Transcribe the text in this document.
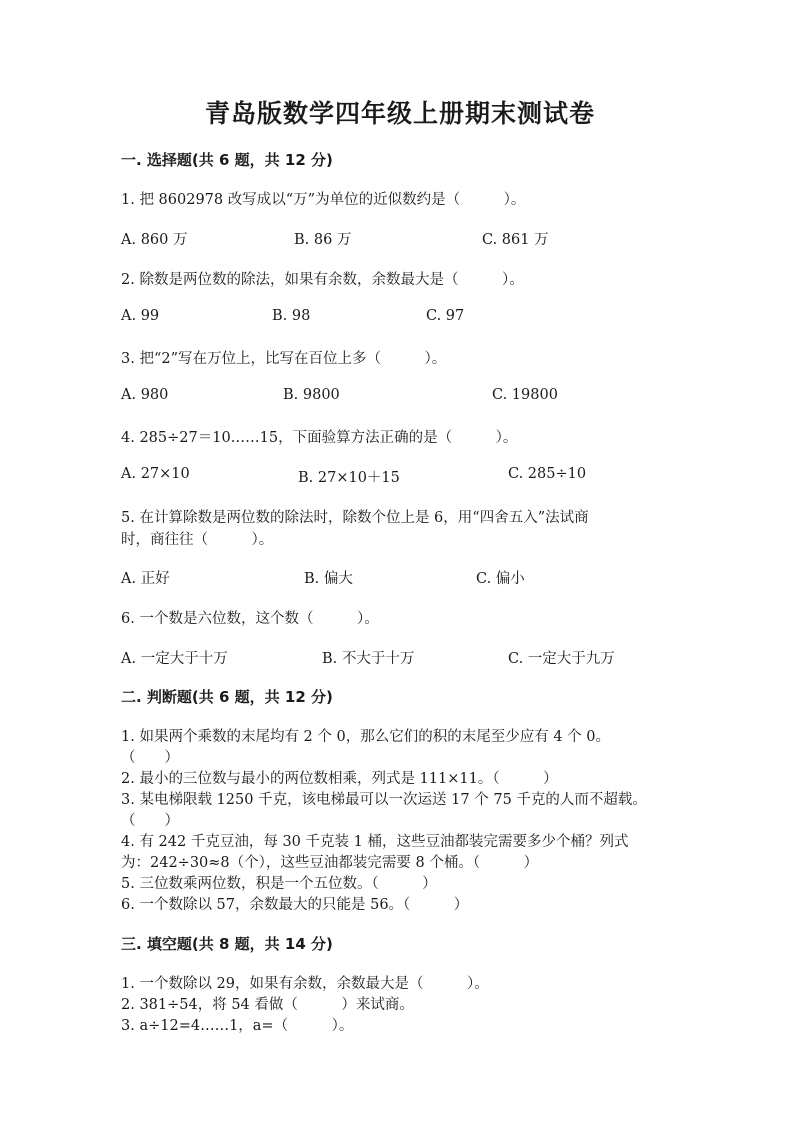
青岛版数学四年级上册期末测试卷
一. 选择题(共 6 题，共 12 分)
1. 把 8602978 改写成以“万”为单位的近似数约是（　　　）。
A. 860 万	B. 86 万	C. 861 万
2. 除数是两位数的除法，如果有余数，余数最大是（　　　）。
A. 99	B. 98	C. 97
3. 把“2”写在万位上，比写在百位上多（　　　）。
A. 980	B. 9800	C. 19800
4. 285÷27＝10……15，下面验算方法正确的是（　　　）。
A. 27×10	B. 27×10＋15	C. 285÷10
5. 在计算除数是两位数的除法时，除数个位上是 6，用“四舍五入”法试商
时，商往往（　　　）。
A. 正好	B. 偏大	C. 偏小
6. 一个数是六位数，这个数（　　　）。
A. 一定大于十万	B. 不大于十万	C. 一定大于九万
二. 判断题(共 6 题，共 12 分)
1. 如果两个乘数的末尾均有 2 个 0，那么它们的积的末尾至少应有 4 个 0。
（　　）
2. 最小的三位数与最小的两位数相乘，列式是 111×11。（　　　）
3. 某电梯限载 1250 千克，该电梯最可以一次运送 17 个 75 千克的人而不超载。
（　　）
4. 有 242 千克豆油，每 30 千克装 1 桶，这些豆油都装完需要多少个桶？列式
为：242÷30≈8（个），这些豆油都装完需要 8 个桶。（　　　）
5. 三位数乘两位数，积是一个五位数。（　　　）
6. 一个数除以 57，余数最大的只能是 56。（　　　）
三. 填空题(共 8 题，共 14 分)
1. 一个数除以 29，如果有余数，余数最大是（　　　）。
2. 381÷54，将 54 看做（　　　）来试商。
3. a÷12=4……1，a=（　　　）。
